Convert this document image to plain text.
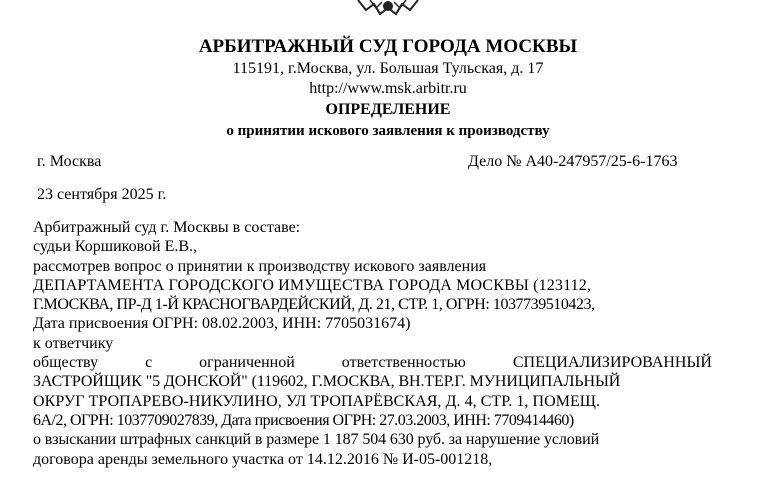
АРБИТРАЖНЫЙ СУД ГОРОДА МОСКВЫ
115191, г.Москва, ул. Большая Тульская, д. 17
http://www.msk.arbitr.ru
ОПРЕДЕЛЕНИЕ
о принятии искового заявления к производству
г. Москва	Дело № А40-247957/25-6-1763
23 сентября 2025 г.
Арбитражный суд г. Москвы в составе:
судьи Коршиковой Е.В.,
рассмотрев вопрос о принятии к производству искового заявления
ДЕПАРТАМЕНТА ГОРОДСКОГО ИМУЩЕСТВА ГОРОДА МОСКВЫ (123112,
Г.МОСКВА, ПР-Д 1-Й КРАСНОГВАРДЕЙСКИЙ, Д. 21, СТР. 1, ОГРН: 1037739510423,
Дата присвоения ОГРН: 08.02.2003, ИНН: 7705031674)
к ответчику
обществу	с	ограниченной	ответственностью	СПЕЦИАЛИЗИРОВАННЫЙ
ЗАСТРОЙЩИК "5 ДОНСКОЙ" (119602, Г.МОСКВА, ВН.ТЕР.Г. МУНИЦИПАЛЬНЫЙ
ОКРУГ ТРОПАРЕВО-НИКУЛИНО, УЛ ТРОПАРЁВСКАЯ, Д. 4, СТР. 1, ПОМЕЩ.
6А/2, ОГРН: 1037709027839, Дата присвоения ОГРН: 27.03.2003, ИНН: 7709414460)
о взыскании штрафных санкций в размере 1 187 504 630 руб. за нарушение условий
договора аренды земельного участка от 14.12.2016 № И-05-001218,
